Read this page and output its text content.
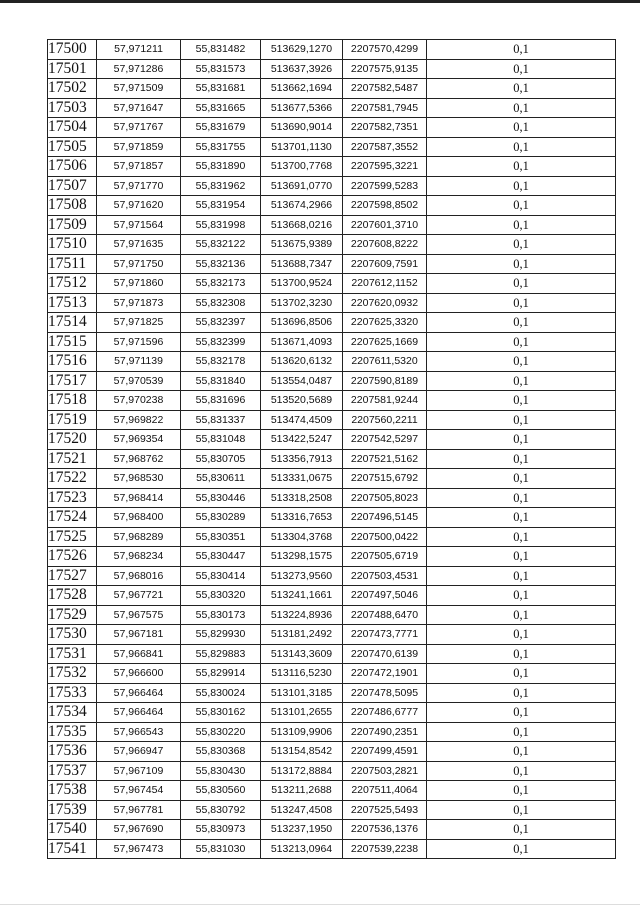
17500	57,971211	55,831482	513629,1270	2207570,4299	0,1
17501	57,971286	55,831573	513637,3926	2207575,9135	0,1
17502	57,971509	55,831681	513662,1694	2207582,5487	0,1
17503	57,971647	55,831665	513677,5366	2207581,7945	0,1
17504	57,971767	55,831679	513690,9014	2207582,7351	0,1
17505	57,971859	55,831755	513701,1130	2207587,3552	0,1
17506	57,971857	55,831890	513700,7768	2207595,3221	0,1
17507	57,971770	55,831962	513691,0770	2207599,5283	0,1
17508	57,971620	55,831954	513674,2966	2207598,8502	0,1
17509	57,971564	55,831998	513668,0216	2207601,3710	0,1
17510	57,971635	55,832122	513675,9389	2207608,8222	0,1
17511	57,971750	55,832136	513688,7347	2207609,7591	0,1
17512	57,971860	55,832173	513700,9524	2207612,1152	0,1
17513	57,971873	55,832308	513702,3230	2207620,0932	0,1
17514	57,971825	55,832397	513696,8506	2207625,3320	0,1
17515	57,971596	55,832399	513671,4093	2207625,1669	0,1
17516	57,971139	55,832178	513620,6132	2207611,5320	0,1
17517	57,970539	55,831840	513554,0487	2207590,8189	0,1
17518	57,970238	55,831696	513520,5689	2207581,9244	0,1
17519	57,969822	55,831337	513474,4509	2207560,2211	0,1
17520	57,969354	55,831048	513422,5247	2207542,5297	0,1
17521	57,968762	55,830705	513356,7913	2207521,5162	0,1
17522	57,968530	55,830611	513331,0675	2207515,6792	0,1
17523	57,968414	55,830446	513318,2508	2207505,8023	0,1
17524	57,968400	55,830289	513316,7653	2207496,5145	0,1
17525	57,968289	55,830351	513304,3768	2207500,0422	0,1
17526	57,968234	55,830447	513298,1575	2207505,6719	0,1
17527	57,968016	55,830414	513273,9560	2207503,4531	0,1
17528	57,967721	55,830320	513241,1661	2207497,5046	0,1
17529	57,967575	55,830173	513224,8936	2207488,6470	0,1
17530	57,967181	55,829930	513181,2492	2207473,7771	0,1
17531	57,966841	55,829883	513143,3609	2207470,6139	0,1
17532	57,966600	55,829914	513116,5230	2207472,1901	0,1
17533	57,966464	55,830024	513101,3185	2207478,5095	0,1
17534	57,966464	55,830162	513101,2655	2207486,6777	0,1
17535	57,966543	55,830220	513109,9906	2207490,2351	0,1
17536	57,966947	55,830368	513154,8542	2207499,4591	0,1
17537	57,967109	55,830430	513172,8884	2207503,2821	0,1
17538	57,967454	55,830560	513211,2688	2207511,4064	0,1
17539	57,967781	55,830792	513247,4508	2207525,5493	0,1
17540	57,967690	55,830973	513237,1950	2207536,1376	0,1
17541	57,967473	55,831030	513213,0964	2207539,2238	0,1
